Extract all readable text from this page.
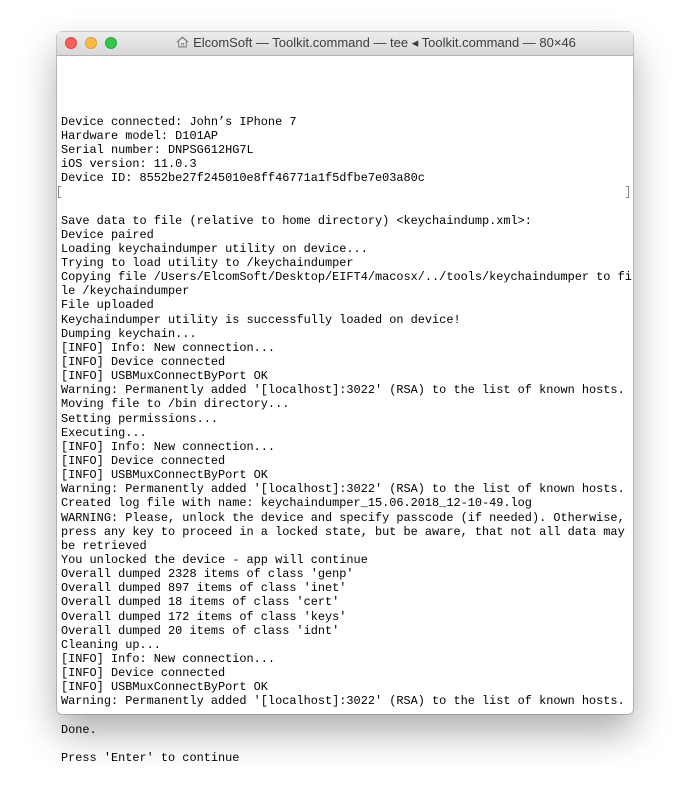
ElcomSoft — Toolkit.command — tee ◂ Toolkit.command — 80×46

Device connected: John’s IPhone 7
Hardware model: D101AP
Serial number: DNPSG612HG7L
iOS version: 11.0.3
Device ID: 8552be27f245010e8ff46771a1f5dfbe7e03a80c
Save data to file (relative to home directory) <keychaindump.xml>:
Device paired
Loading keychaindumper utility on device...
Trying to load utility to /keychaindumper
Copying file /Users/ElcomSoft/Desktop/EIFT4/macosx/../tools/keychaindumper to fi
le /keychaindumper
File uploaded
Keychaindumper utility is successfully loaded on device!
Dumping keychain...
[INFO] Info: New connection...
[INFO] Device connected
[INFO] USBMuxConnectByPort OK
Warning: Permanently added '[localhost]:3022' (RSA) to the list of known hosts.
Moving file to /bin directory...
Setting permissions...
Executing...
[INFO] Info: New connection...
[INFO] Device connected
[INFO] USBMuxConnectByPort OK
Warning: Permanently added '[localhost]:3022' (RSA) to the list of known hosts.
Created log file with name: keychaindumper_15.06.2018_12-10-49.log
WARNING: Please, unlock the device and specify passcode (if needed). Otherwise,
press any key to proceed in a locked state, but be aware, that not all data may
be retrieved
You unlocked the device - app will continue
Overall dumped 2328 items of class 'genp'
Overall dumped 897 items of class 'inet'
Overall dumped 18 items of class 'cert'
Overall dumped 172 items of class 'keys'
Overall dumped 20 items of class 'idnt'
Cleaning up...
[INFO] Info: New connection...
[INFO] Device connected
[INFO] USBMuxConnectByPort OK
Warning: Permanently added '[localhost]:3022' (RSA) to the list of known hosts.
Done.
Press 'Enter' to continue
